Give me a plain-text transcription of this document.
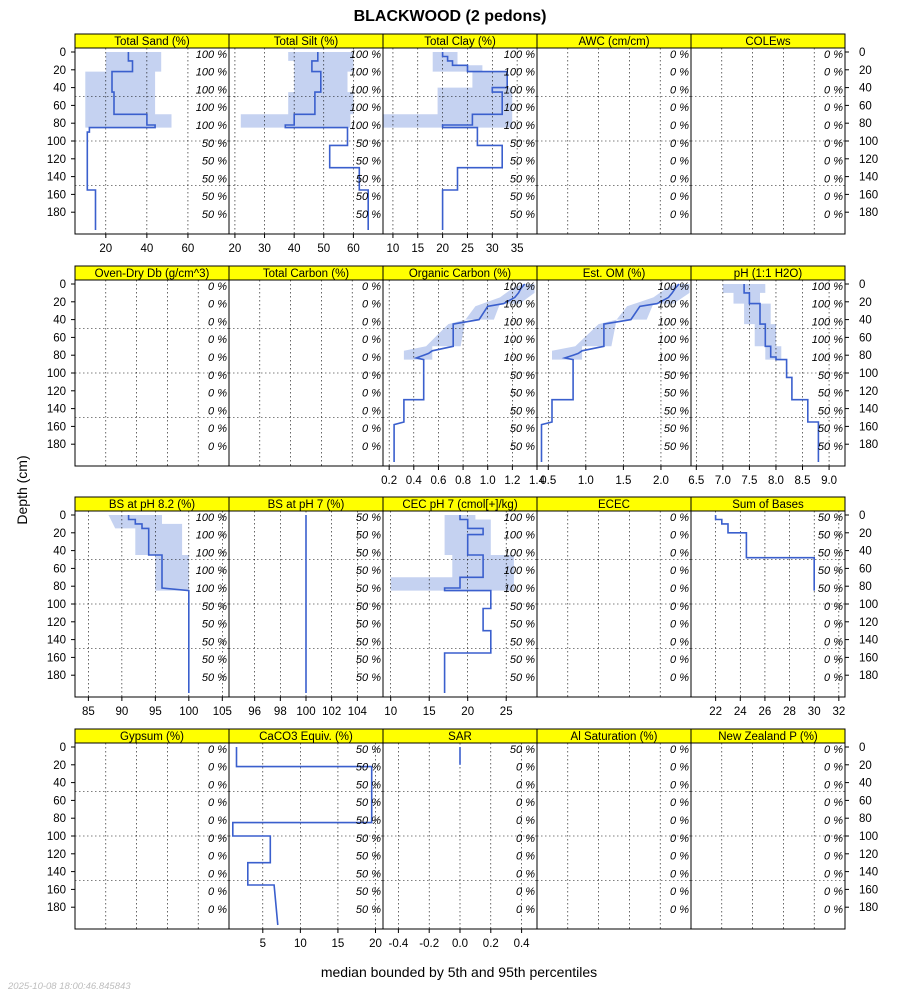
BLACKWOOD (2 pedons)
Depth (cm)
median bounded by 5th and 95th percentiles
2025-10-08 18:00:46.845843
Total Sand (%)
100 %
100 %
100 %
100 %
100 %
50 %
50 %
50 %
50 %
50 %
20 40 60
Total Silt (%)
100 %
100 %
100 %
100 %
100 %
50 %
50 %
50 %
50 %
50 %
20 30 40 50 60
Total Clay (%)
100 %
100 %
100 %
100 %
100 %
50 %
50 %
50 %
50 %
50 %
10 15 20 25 30 35
AWC (cm/cm)
0 %
0 %
0 %
0 %
0 %
0 %
0 %
0 %
0 %
0 %
COLEws
0 %
0 %
0 %
0 %
0 %
0 %
0 %
0 %
0 %
0 %
Oven-Dry Db (g/cm^3)
0 %
0 %
0 %
0 %
0 %
0 %
0 %
0 %
0 %
0 %
Total Carbon (%)
0 %
0 %
0 %
0 %
0 %
0 %
0 %
0 %
0 %
0 %
Organic Carbon (%)
100 %
100 %
100 %
100 %
100 %
50 %
50 %
50 %
50 %
50 %
0.2 0.4 0.6 0.8 1.0 1.2 1.4
Est. OM (%)
100 %
100 %
100 %
100 %
100 %
50 %
50 %
50 %
50 %
50 %
0.5 1.0 1.5 2.0
pH (1:1 H2O)
100 %
100 %
100 %
100 %
100 %
50 %
50 %
50 %
50 %
50 %
6.5 7.0 7.5 8.0 8.5 9.0
BS at pH 8.2 (%)
100 %
100 %
100 %
100 %
100 %
50 %
50 %
50 %
50 %
50 %
85 90 95 100 105
BS at pH 7 (%)
50 %
50 %
50 %
50 %
50 %
50 %
50 %
50 %
50 %
50 %
96 98 100 102 104
CEC pH 7 (cmol[+]/kg)
100 %
100 %
100 %
100 %
100 %
50 %
50 %
50 %
50 %
50 %
10 15 20 25
ECEC
0 %
0 %
0 %
0 %
0 %
0 %
0 %
0 %
0 %
0 %
Sum of Bases
50 %
50 %
50 %
50 %
50 %
0 %
0 %
0 %
0 %
0 %
22 24 26 28 30 32
Gypsum (%)
0 %
0 %
0 %
0 %
0 %
0 %
0 %
0 %
0 %
0 %
CaCO3 Equiv. (%)
50 %
50 %
50 %
50 %
50 %
50 %
50 %
50 %
50 %
50 %
5 10 15 20
SAR
50 %
0 %
0 %
0 %
0 %
0 %
0 %
0 %
0 %
0 %
-0.4 -0.2 0.0 0.2 0.4
Al Saturation (%)
0 %
0 %
0 %
0 %
0 %
0 %
0 %
0 %
0 %
0 %
New Zealand P (%)
0 %
0 %
0 %
0 %
0 %
0 %
0 %
0 %
0 %
0 %
0	0
20	20
40	40
60	60
80	80
100	100
120	120
140	140
160	160
180	180
0	0
20	20
40	40
60	60
80	80
100	100
120	120
140	140
160	160
180	180
0	0
20	20
40	40
60	60
80	80
100	100
120	120
140	140
160	160
180	180
0	0
20	20
40	40
60	60
80	80
100	100
120	120
140	140
160	160
180	180
